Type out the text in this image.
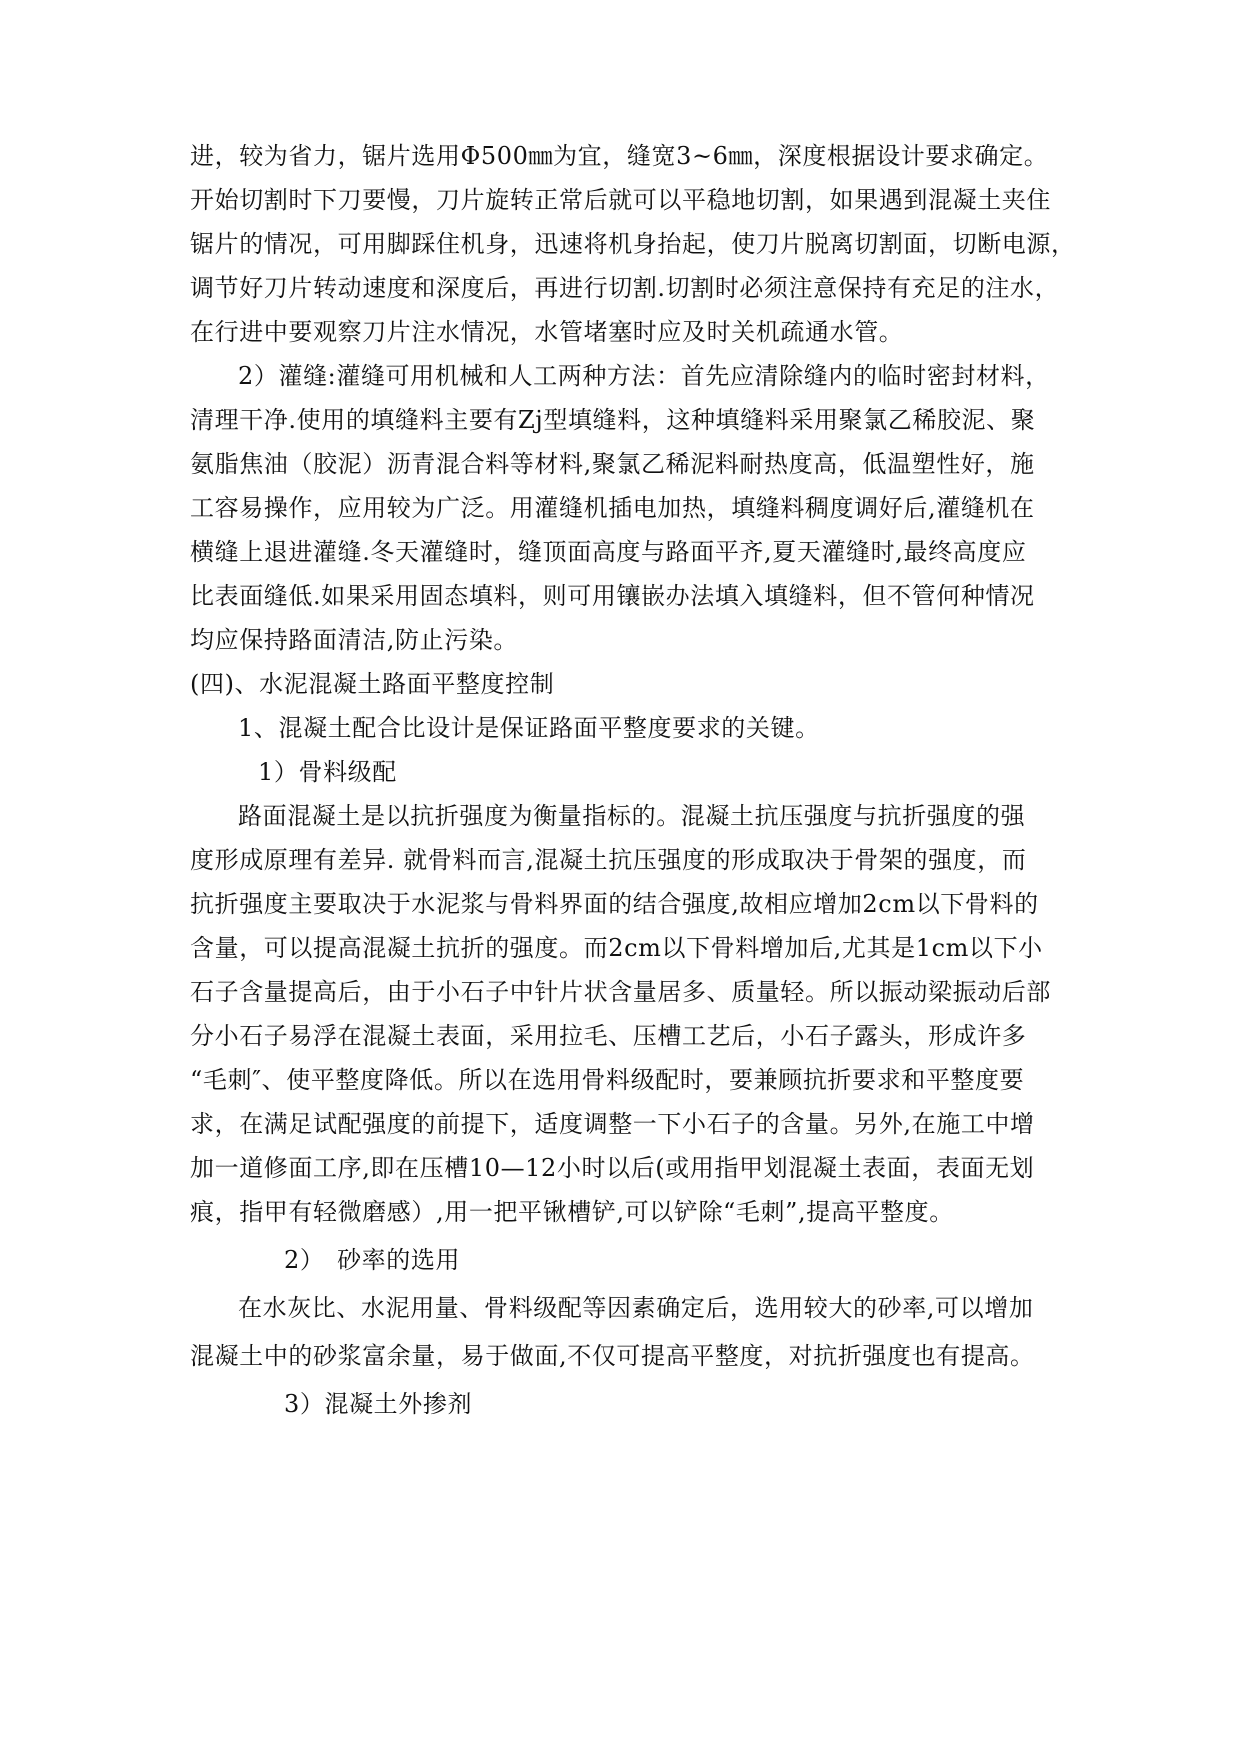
进，较为省力，锯片选用Φ500㎜为宜，缝宽3~6㎜，深度根据设计要求确定。
开始切割时下刀要慢，刀片旋转正常后就可以平稳地切割，如果遇到混凝土夹住
锯片的情况，可用脚踩住机身，迅速将机身抬起，使刀片脱离切割面，切断电源，
调节好刀片转动速度和深度后，再进行切割.切割时必须注意保持有充足的注水，
在行进中要观察刀片注水情况，水管堵塞时应及时关机疏通水管。
2）灌缝:灌缝可用机械和人工两种方法：首先应清除缝内的临时密封材料，
清理干净.使用的填缝料主要有Zj型填缝料，这种填缝料采用聚氯乙稀胶泥、聚
氨脂焦油（胶泥）沥青混合料等材料,聚氯乙稀泥料耐热度高，低温塑性好，施
工容易操作，应用较为广泛。用灌缝机插电加热，填缝料稠度调好后,灌缝机在
横缝上退进灌缝.冬天灌缝时，缝顶面高度与路面平齐,夏天灌缝时,最终高度应
比表面缝低.如果采用固态填料，则可用镶嵌办法填入填缝料，但不管何种情况
均应保持路面清洁,防止污染。
(四)、水泥混凝土路面平整度控制
1、混凝土配合比设计是保证路面平整度要求的关键。
1）骨料级配
路面混凝土是以抗折强度为衡量指标的。混凝土抗压强度与抗折强度的强
度形成原理有差异. 就骨料而言,混凝土抗压强度的形成取决于骨架的强度，而
抗折强度主要取决于水泥浆与骨料界面的结合强度,故相应增加2cm以下骨料的
含量，可以提高混凝土抗折的强度。而2cm以下骨料增加后,尤其是1cm以下小
石子含量提高后，由于小石子中针片状含量居多、质量轻。所以振动梁振动后部
分小石子易浮在混凝土表面，采用拉毛、压槽工艺后，小石子露头，形成许多
“毛刺″、使平整度降低。所以在选用骨料级配时，要兼顾抗折要求和平整度要
求，在满足试配强度的前提下，适度调整一下小石子的含量。另外,在施工中增
加一道修面工序,即在压槽10—12小时以后(或用指甲划混凝土表面，表面无划
痕，指甲有轻微磨感）,用一把平锹槽铲,可以铲除“毛刺”,提高平整度。
2）　砂率的选用
在水灰比、水泥用量、骨料级配等因素确定后，选用较大的砂率,可以增加
混凝土中的砂浆富余量，易于做面,不仅可提高平整度，对抗折强度也有提高。
3）混凝土外掺剂
